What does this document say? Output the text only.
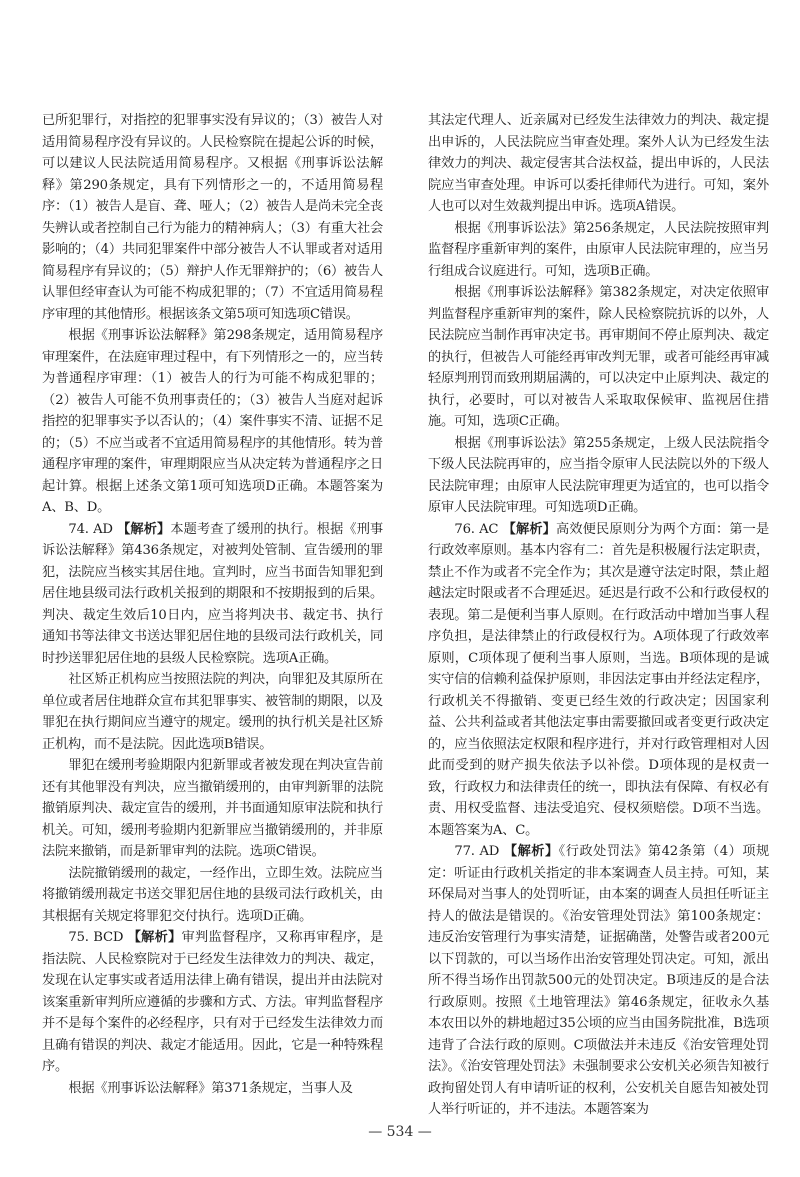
已所犯罪行，对指控的犯罪事实没有异议的；（3）被告人对适用简易程序没有异议的。人民检察院在提起公诉的时候，可以建议人民法院适用简易程序。又根据《刑事诉讼法解释》第290条规定，具有下列情形之一的，不适用简易程序：（1）被告人是盲、聋、哑人；（2）被告人是尚未完全丧失辨认或者控制自己行为能力的精神病人；（3）有重大社会影响的；（4）共同犯罪案件中部分被告人不认罪或者对适用简易程序有异议的；（5）辩护人作无罪辩护的；（6）被告人认罪但经审查认为可能不构成犯罪的；（7）不宜适用简易程序审理的其他情形。根据该条文第5项可知选项C错误。

根据《刑事诉讼法解释》第298条规定，适用简易程序审理案件，在法庭审理过程中，有下列情形之一的，应当转为普通程序审理：（1）被告人的行为可能不构成犯罪的；（2）被告人可能不负刑事责任的；（3）被告人当庭对起诉指控的犯罪事实予以否认的；（4）案件事实不清、证据不足的；（5）不应当或者不宜适用简易程序的其他情形。转为普通程序审理的案件，审理期限应当从决定转为普通程序之日起计算。根据上述条文第1项可知选项D正确。本题答案为A、B、D。

74. AD 【解析】本题考查了缓刑的执行。根据《刑事诉讼法解释》第436条规定，对被判处管制、宣告缓刑的罪犯，法院应当核实其居住地。宣判时，应当书面告知罪犯到居住地县级司法行政机关报到的期限和不按期报到的后果。判决、裁定生效后10日内，应当将判决书、裁定书、执行通知书等法律文书送达罪犯居住地的县级司法行政机关，同时抄送罪犯居住地的县级人民检察院。选项A正确。

社区矫正机构应当按照法院的判决，向罪犯及其原所在单位或者居住地群众宣布其犯罪事实、被管制的期限，以及罪犯在执行期间应当遵守的规定。缓刑的执行机关是社区矫正机构，而不是法院。因此选项B错误。

罪犯在缓刑考验期限内犯新罪或者被发现在判决宣告前还有其他罪没有判决，应当撤销缓刑的，由审判新罪的法院撤销原判决、裁定宣告的缓刑，并书面通知原审法院和执行机关。可知，缓刑考验期内犯新罪应当撤销缓刑的，并非原法院来撤销，而是新罪审判的法院。选项C错误。

法院撤销缓刑的裁定，一经作出，立即生效。法院应当将撤销缓刑裁定书送交罪犯居住地的县级司法行政机关，由其根据有关规定将罪犯交付执行。选项D正确。

75. BCD 【解析】审判监督程序，又称再审程序，是指法院、人民检察院对于已经发生法律效力的判决、裁定，发现在认定事实或者适用法律上确有错误，提出并由法院对该案重新审判所应遵循的步骤和方式、方法。审判监督程序并不是每个案件的必经程序，只有对于已经发生法律效力而且确有错误的判决、裁定才能适用。因此，它是一种特殊程序。

根据《刑事诉讼法解释》第371条规定，当事人及

其法定代理人、近亲属对已经发生法律效力的判决、裁定提出申诉的，人民法院应当审查处理。案外人认为已经发生法律效力的判决、裁定侵害其合法权益，提出申诉的，人民法院应当审查处理。申诉可以委托律师代为进行。可知，案外人也可以对生效裁判提出申诉。选项A错误。

根据《刑事诉讼法》第256条规定，人民法院按照审判监督程序重新审判的案件，由原审人民法院审理的，应当另行组成合议庭进行。可知，选项B正确。

根据《刑事诉讼法解释》第382条规定，对决定依照审判监督程序重新审判的案件，除人民检察院抗诉的以外，人民法院应当制作再审决定书。再审期间不停止原判决、裁定的执行，但被告人可能经再审改判无罪，或者可能经再审减轻原判刑罚而致刑期届满的，可以决定中止原判决、裁定的执行，必要时，可以对被告人采取取保候审、监视居住措施。可知，选项C正确。

根据《刑事诉讼法》第255条规定，上级人民法院指令下级人民法院再审的，应当指令原审人民法院以外的下级人民法院审理；由原审人民法院审理更为适宜的，也可以指令原审人民法院审理。可知选项D正确。

76. AC 【解析】高效便民原则分为两个方面：第一是行政效率原则。基本内容有二：首先是积极履行法定职责，禁止不作为或者不完全作为；其次是遵守法定时限，禁止超越法定时限或者不合理延迟。延迟是行政不公和行政侵权的表现。第二是便利当事人原则。在行政活动中增加当事人程序负担，是法律禁止的行政侵权行为。A项体现了行政效率原则，C项体现了便利当事人原则，当选。B项体现的是诚实守信的信赖利益保护原则，非因法定事由并经法定程序，行政机关不得撤销、变更已经生效的行政决定；因国家利益、公共利益或者其他法定事由需要撤回或者变更行政决定的，应当依照法定权限和程序进行，并对行政管理相对人因此而受到的财产损失依法予以补偿。D项体现的是权责一致，行政权力和法律责任的统一，即执法有保障、有权必有责、用权受监督、违法受追究、侵权须赔偿。D项不当选。本题答案为A、C。

77. AD 【解析】《行政处罚法》第42条第（4）项规定：听证由行政机关指定的非本案调查人员主持。可知，某环保局对当事人的处罚听证，由本案的调查人员担任听证主持人的做法是错误的。《治安管理处罚法》第100条规定：违反治安管理行为事实清楚，证据确凿，处警告或者200元以下罚款的，可以当场作出治安管理处罚决定。可知，派出所不得当场作出罚款500元的处罚决定。B项违反的是合法行政原则。按照《土地管理法》第46条规定，征收永久基本农田以外的耕地超过35公顷的应当由国务院批准，B选项违背了合法行政的原则。C项做法并未违反《治安管理处罚法》。《治安管理处罚法》未强制要求公安机关必须告知被行政拘留处罚人有申请听证的权利，公安机关自愿告知被处罚人举行听证的，并不违法。本题答案为

— 534 —
